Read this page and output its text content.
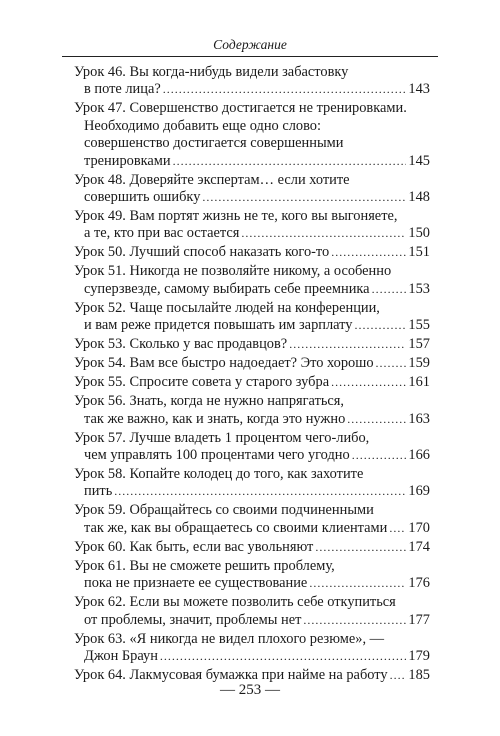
Содержание
Урок 46. Вы когда-нибудь видели забастовку
в поте лица? .....	143
Урок 47. Совершенство достигается не тренировками.
Необходимо добавить еще одно слово:
совершенство достигается совершенными
тренировками .....	145
Урок 48. Доверяйте экспертам… если хотите
совершить ошибку .....	148
Урок 49. Вам портят жизнь не те, кого вы выгоняете,
а те, кто при вас остается .....	150
Урок 50. Лучший способ наказать кого-то .....	151
Урок 51. Никогда не позволяйте никому, а особенно
суперзвезде, самому выбирать себе преемника .....	153
Урок 52. Чаще посылайте людей на конференции,
и вам реже придется повышать им зарплату .....	155
Урок 53. Сколько у вас продавцов? .....	157
Урок 54. Вам все быстро надоедает? Это хорошо ..... 159
Урок 55. Спросите совета у старого зубра .....	161
Урок 56. Знать, когда не нужно напрягаться,
так же важно, как и знать, когда это нужно .....	163
Урок 57. Лучше владеть 1 процентом чего-либо,
чем управлять 100 процентами чего угодно .....	166
Урок 58. Копайте колодец до того, как захотите
пить .....	169
Урок 59. Обращайтесь со своими подчиненными
так же, как вы обращаетесь со своими клиентами ..... 170
Урок 60. Как быть, если вас увольняют .....	174
Урок 61. Вы не сможете решить проблему,
пока не признаете ее существование .....	176
Урок 62. Если вы можете позволить себе откупиться
от проблемы, значит, проблемы нет .....	177
Урок 63. «Я никогда не видел плохого резюме», —
Джон Браун .....	179
Урок 64. Лакмусовая бумажка при найме на работу ..... 185
— 253 —
